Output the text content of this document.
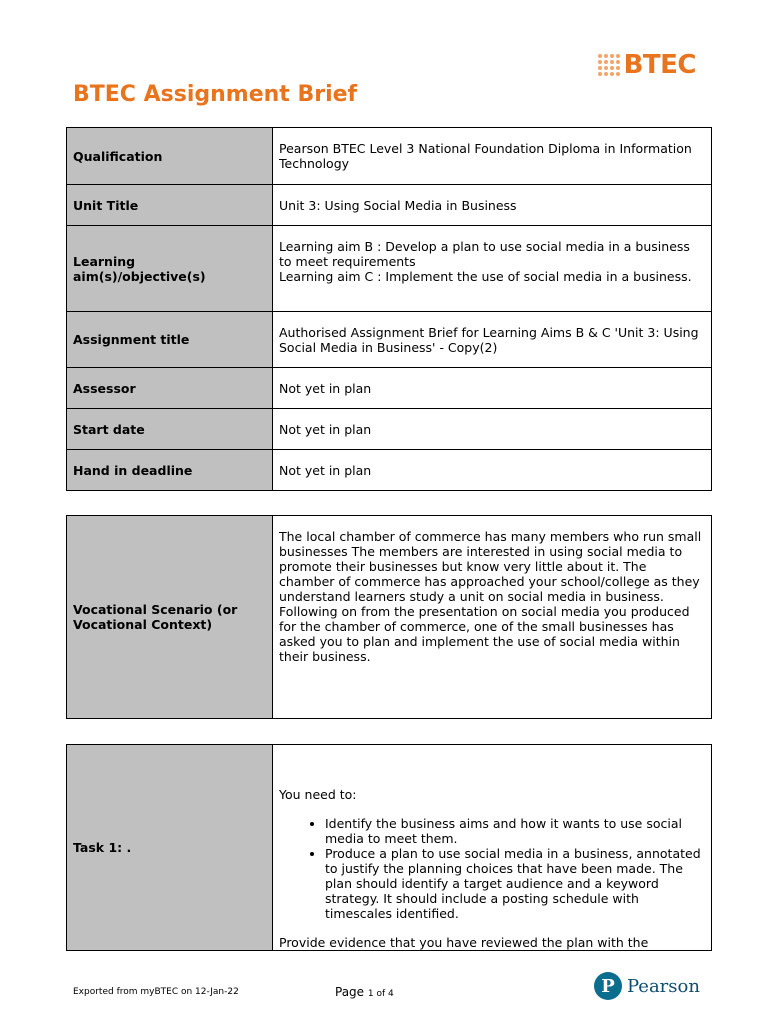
BTEC
BTEC Assignment Brief
Qualification	Pearson BTEC Level 3 National Foundation Diploma in Information Technology
Unit Title	Unit 3: Using Social Media in Business
Learning aim(s)/objective(s)	Learning aim B : Develop a plan to use social media in a business to meet requirements
Learning aim C : Implement the use of social media in a business.

Assignment title	Authorised Assignment Brief for Learning Aims B & C 'Unit 3: Using Social Media in Business' - Copy(2)
Assessor	Not yet in plan
Start date	Not yet in plan
Hand in deadline	Not yet in plan
Vocational Scenario (or Vocational Context)	The local chamber of commerce has many members who run small businesses The members are interested in using social media to promote their businesses but know very little about it. The chamber of commerce has approached your school/college as they understand learners study a unit on social media in business. Following on from the presentation on social media you produced for the chamber of commerce, one of the small businesses has asked you to plan and implement the use of social media within their business.
Task 1: .	
You need to:
• Identify the business aims and how it wants to use social media to meet them.
• Produce a plan to use social media in a business, annotated to justify the planning choices that have been made. The plan should identify a target audience and a keyword strategy. It should include a posting schedule with timescales identified.
Provide evidence that you have reviewed the plan with the
Exported from myBTEC on 12-Jan-22	Page 1 of 4	P Pearson
